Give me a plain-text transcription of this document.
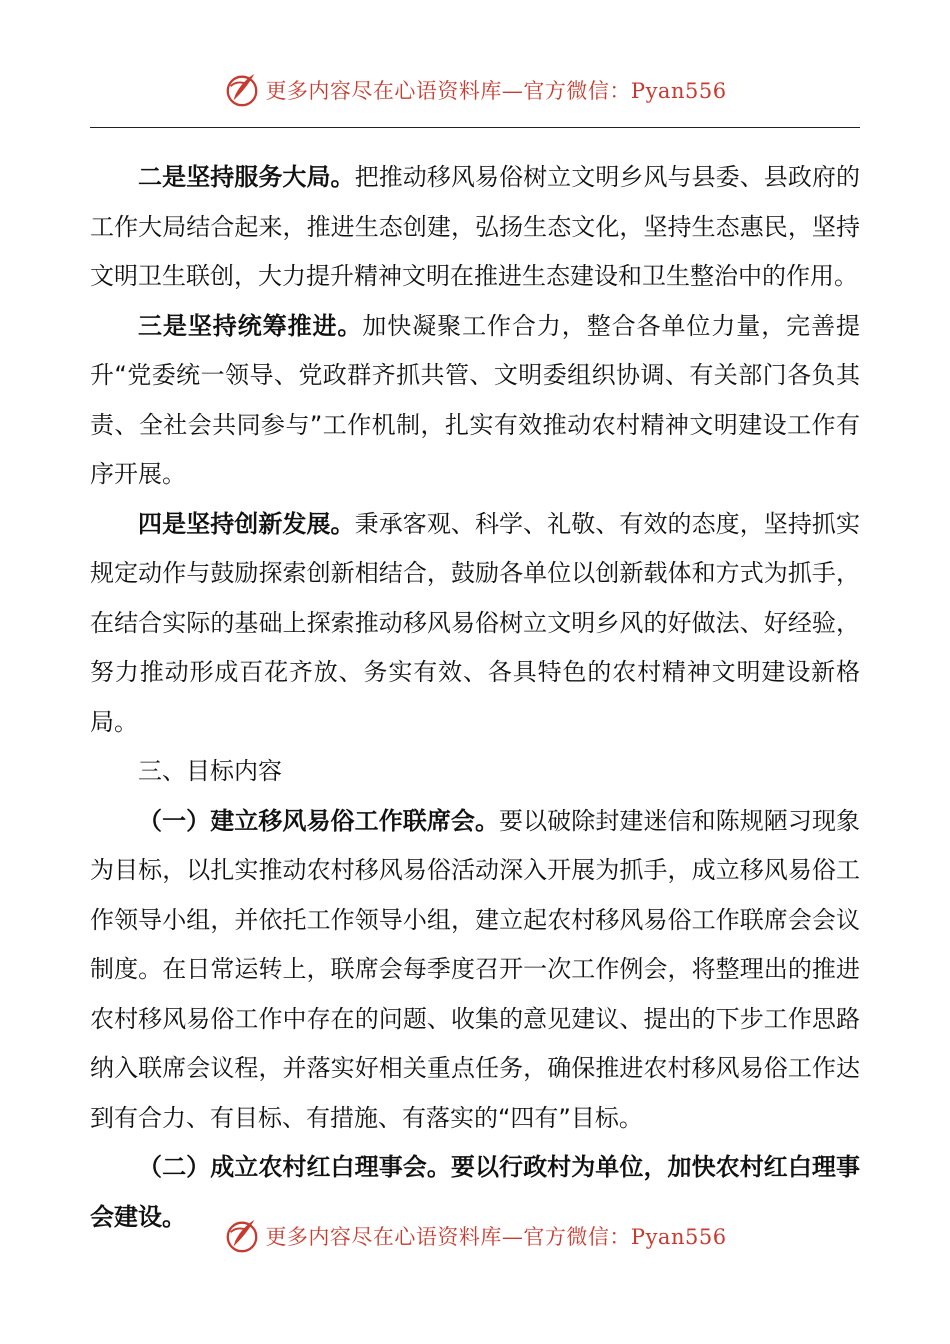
更多内容尽在心语资料库—官方微信：Pyan556

二是坚持服务大局。把推动移风易俗树立文明乡风与县委、县政府的工作大局结合起来，推进生态创建，弘扬生态文化，坚持生态惠民，坚持文明卫生联创，大力提升精神文明在推进生态建设和卫生整治中的作用。

三是坚持统筹推进。加快凝聚工作合力，整合各单位力量，完善提升“党委统一领导、党政群齐抓共管、文明委组织协调、有关部门各负其责、全社会共同参与”工作机制，扎实有效推动农村精神文明建设工作有序开展。

四是坚持创新发展。秉承客观、科学、礼敬、有效的态度，坚持抓实规定动作与鼓励探索创新相结合，鼓励各单位以创新载体和方式为抓手，在结合实际的基础上探索推动移风易俗树立文明乡风的好做法、好经验，努力推动形成百花齐放、务实有效、各具特色的农村精神文明建设新格局。

三、目标内容

（一）建立移风易俗工作联席会。要以破除封建迷信和陈规陋习现象为目标，以扎实推动农村移风易俗活动深入开展为抓手，成立移风易俗工作领导小组，并依托工作领导小组，建立起农村移风易俗工作联席会会议制度。在日常运转上，联席会每季度召开一次工作例会，将整理出的推进农村移风易俗工作中存在的问题、收集的意见建议、提出的下步工作思路纳入联席会议程，并落实好相关重点任务，确保推进农村移风易俗工作达到有合力、有目标、有措施、有落实的“四有”目标。

（二）成立农村红白理事会。要以行政村为单位，加快农村红白理事会建设。

更多内容尽在心语资料库—官方微信：Pyan556
